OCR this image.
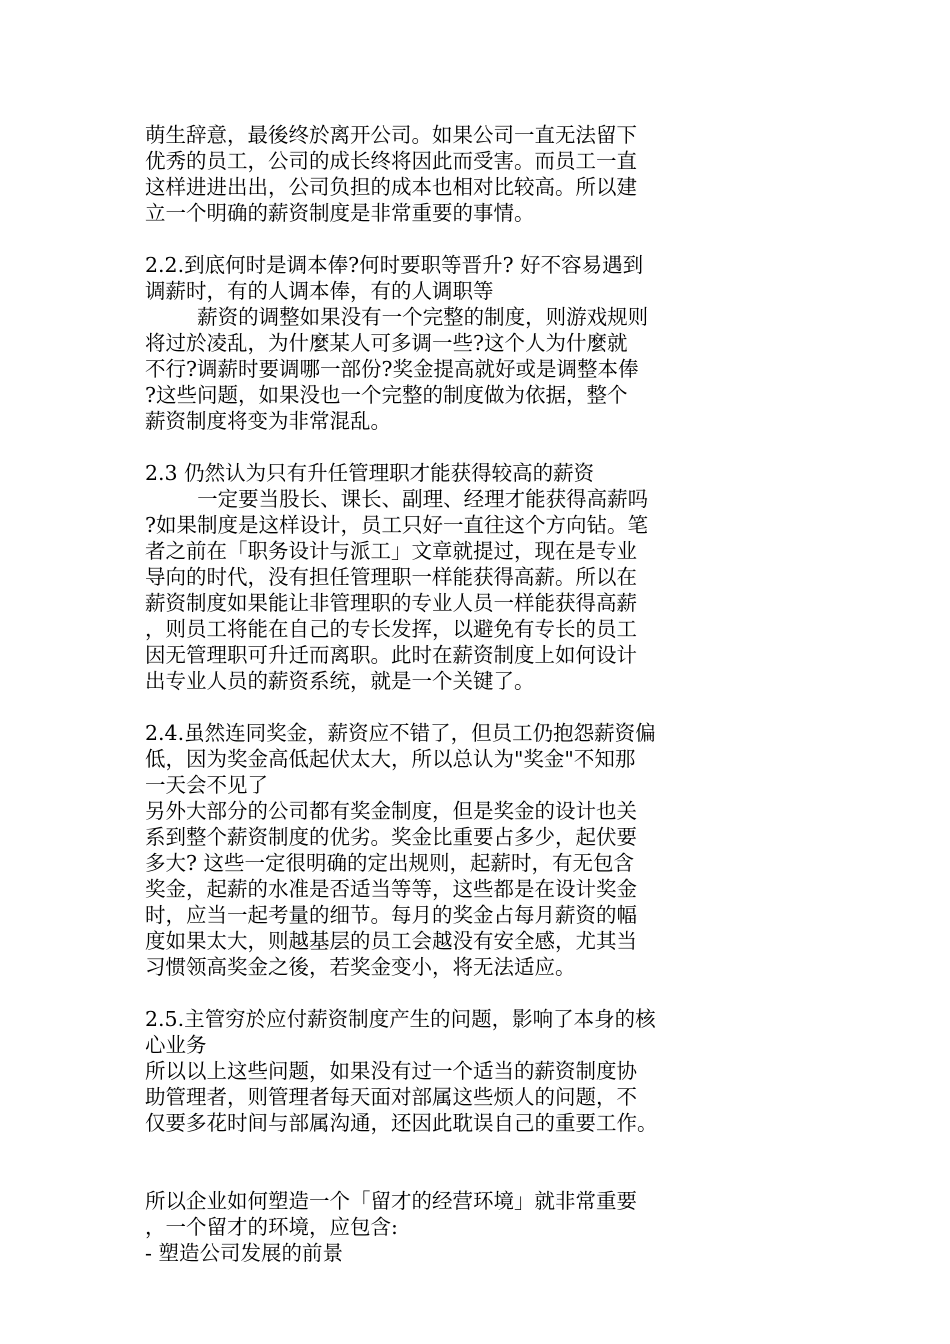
萌生辞意，最後终於离开公司。如果公司一直无法留下
优秀的员工，公司的成长终将因此而受害。而员工一直
这样进进出出，公司负担的成本也相对比较高。所以建
立一个明确的薪资制度是非常重要的事情。
2.2.到底何时是调本俸?何时要职等晋升? 好不容易遇到
调薪时，有的人调本俸，有的人调职等
薪资的调整如果没有一个完整的制度，则游戏规则
将过於凌乱，为什麼某人可多调一些?这个人为什麼就
不行?调薪时要调哪一部份?奖金提高就好或是调整本俸
?这些问题，如果没也一个完整的制度做为依据，整个
薪资制度将变为非常混乱。
2.3 仍然认为只有升任管理职才能获得较高的薪资
一定要当股长、课长、副理、经理才能获得高薪吗
?如果制度是这样设计，员工只好一直往这个方向钻。笔
者之前在「职务设计与派工」文章就提过，现在是专业
导向的时代，没有担任管理职一样能获得高薪。所以在
薪资制度如果能让非管理职的专业人员一样能获得高薪
，则员工将能在自己的专长发挥，以避免有专长的员工
因无管理职可升迁而离职。此时在薪资制度上如何设计
出专业人员的薪资系统，就是一个关键了。
2.4.虽然连同奖金，薪资应不错了，但员工仍抱怨薪资偏
低，因为奖金高低起伏太大，所以总认为"奖金"不知那
一天会不见了
另外大部分的公司都有奖金制度，但是奖金的设计也关
系到整个薪资制度的优劣。奖金比重要占多少，起伏要
多大? 这些一定很明确的定出规则，起薪时，有无包含
奖金，起薪的水准是否适当等等，这些都是在设计奖金
时，应当一起考量的细节。每月的奖金占每月薪资的幅
度如果太大，则越基层的员工会越没有安全感，尤其当
习惯领高奖金之後，若奖金变小，将无法适应。
2.5.主管穷於应付薪资制度产生的问题，影响了本身的核
心业务
所以以上这些问题，如果没有过一个适当的薪资制度协
助管理者，则管理者每天面对部属这些烦人的问题，不
仅要多花时间与部属沟通，还因此耽误自己的重要工作。
所以企业如何塑造一个「留才的经营环境」就非常重要
，一个留才的环境，应包含:
- 塑造公司发展的前景
